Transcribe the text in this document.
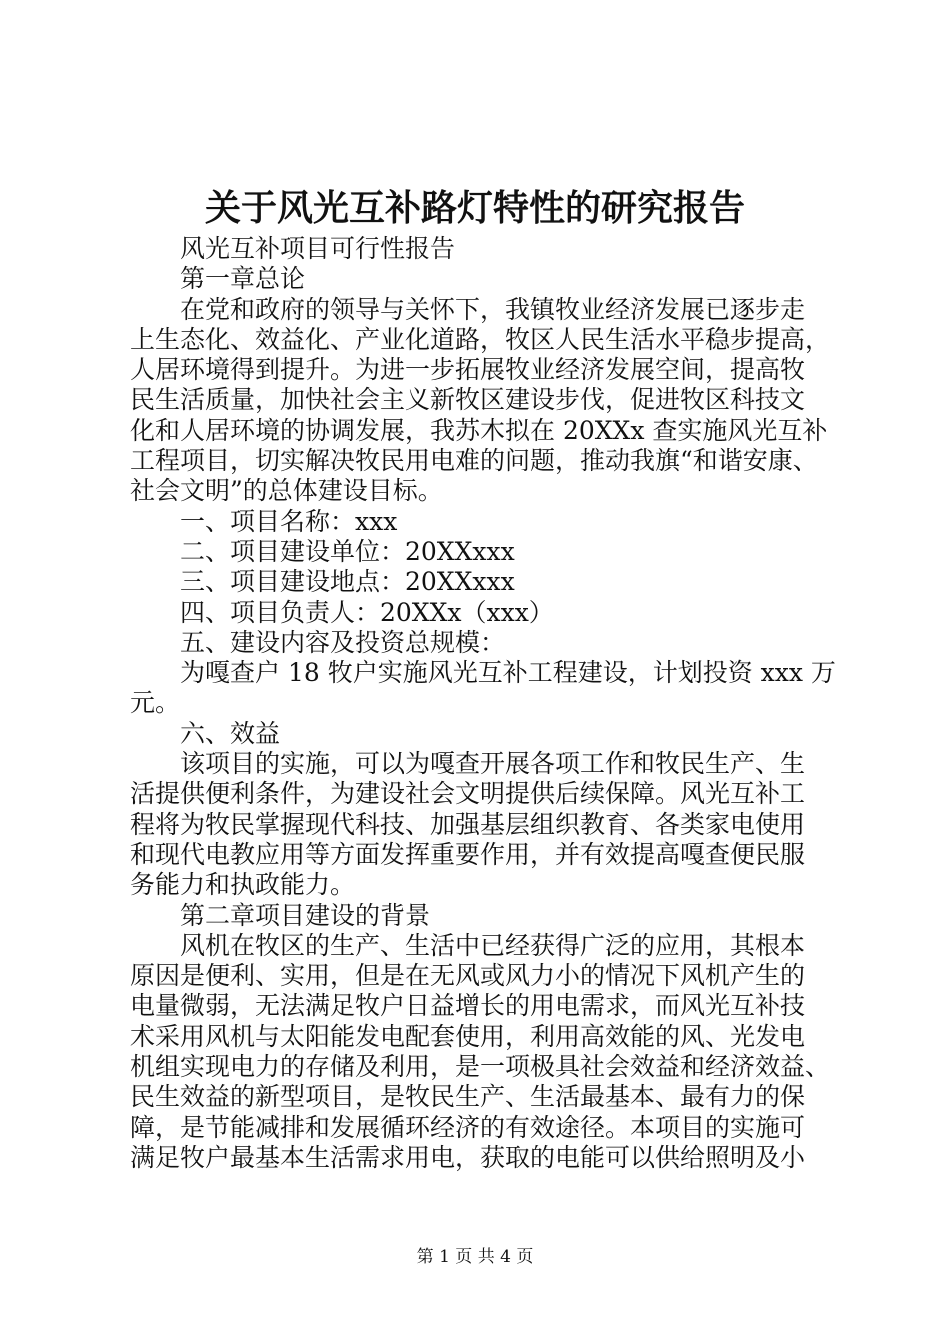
关于风光互补路灯特性的研究报告

风光互补项目可行性报告

第一章总论

在党和政府的领导与关怀下，我镇牧业经济发展已逐步走
上生态化、效益化、产业化道路，牧区人民生活水平稳步提高，
人居环境得到提升。为进一步拓展牧业经济发展空间，提高牧
民生活质量，加快社会主义新牧区建设步伐，促进牧区科技文
化和人居环境的协调发展，我苏木拟在 20XXx 查实施风光互补
工程项目，切实解决牧民用电难的问题，推动我旗“和谐安康、
社会文明”的总体建设目标。

一、项目名称：xxx

二、项目建设单位：20XXxxx

三、项目建设地点：20XXxxx

四、项目负责人：20XXx（xxx）

五、建设内容及投资总规模：

为嘎查户 18 牧户实施风光互补工程建设，计划投资 xxx 万
元。

六、效益

该项目的实施，可以为嘎查开展各项工作和牧民生产、生
活提供便利条件，为建设社会文明提供后续保障。风光互补工
程将为牧民掌握现代科技、加强基层组织教育、各类家电使用
和现代电教应用等方面发挥重要作用，并有效提高嘎查便民服
务能力和执政能力。

第二章项目建设的背景

风机在牧区的生产、生活中已经获得广泛的应用，其根本
原因是便利、实用，但是在无风或风力小的情况下风机产生的
电量微弱，无法满足牧户日益增长的用电需求，而风光互补技
术采用风机与太阳能发电配套使用，利用高效能的风、光发电
机组实现电力的存储及利用，是一项极具社会效益和经济效益、
民生效益的新型项目，是牧民生产、生活最基本、最有力的保
障，是节能减排和发展循环经济的有效途径。本项目的实施可
满足牧户最基本生活需求用电，获取的电能可以供给照明及小
第 1 页 共 4 页
